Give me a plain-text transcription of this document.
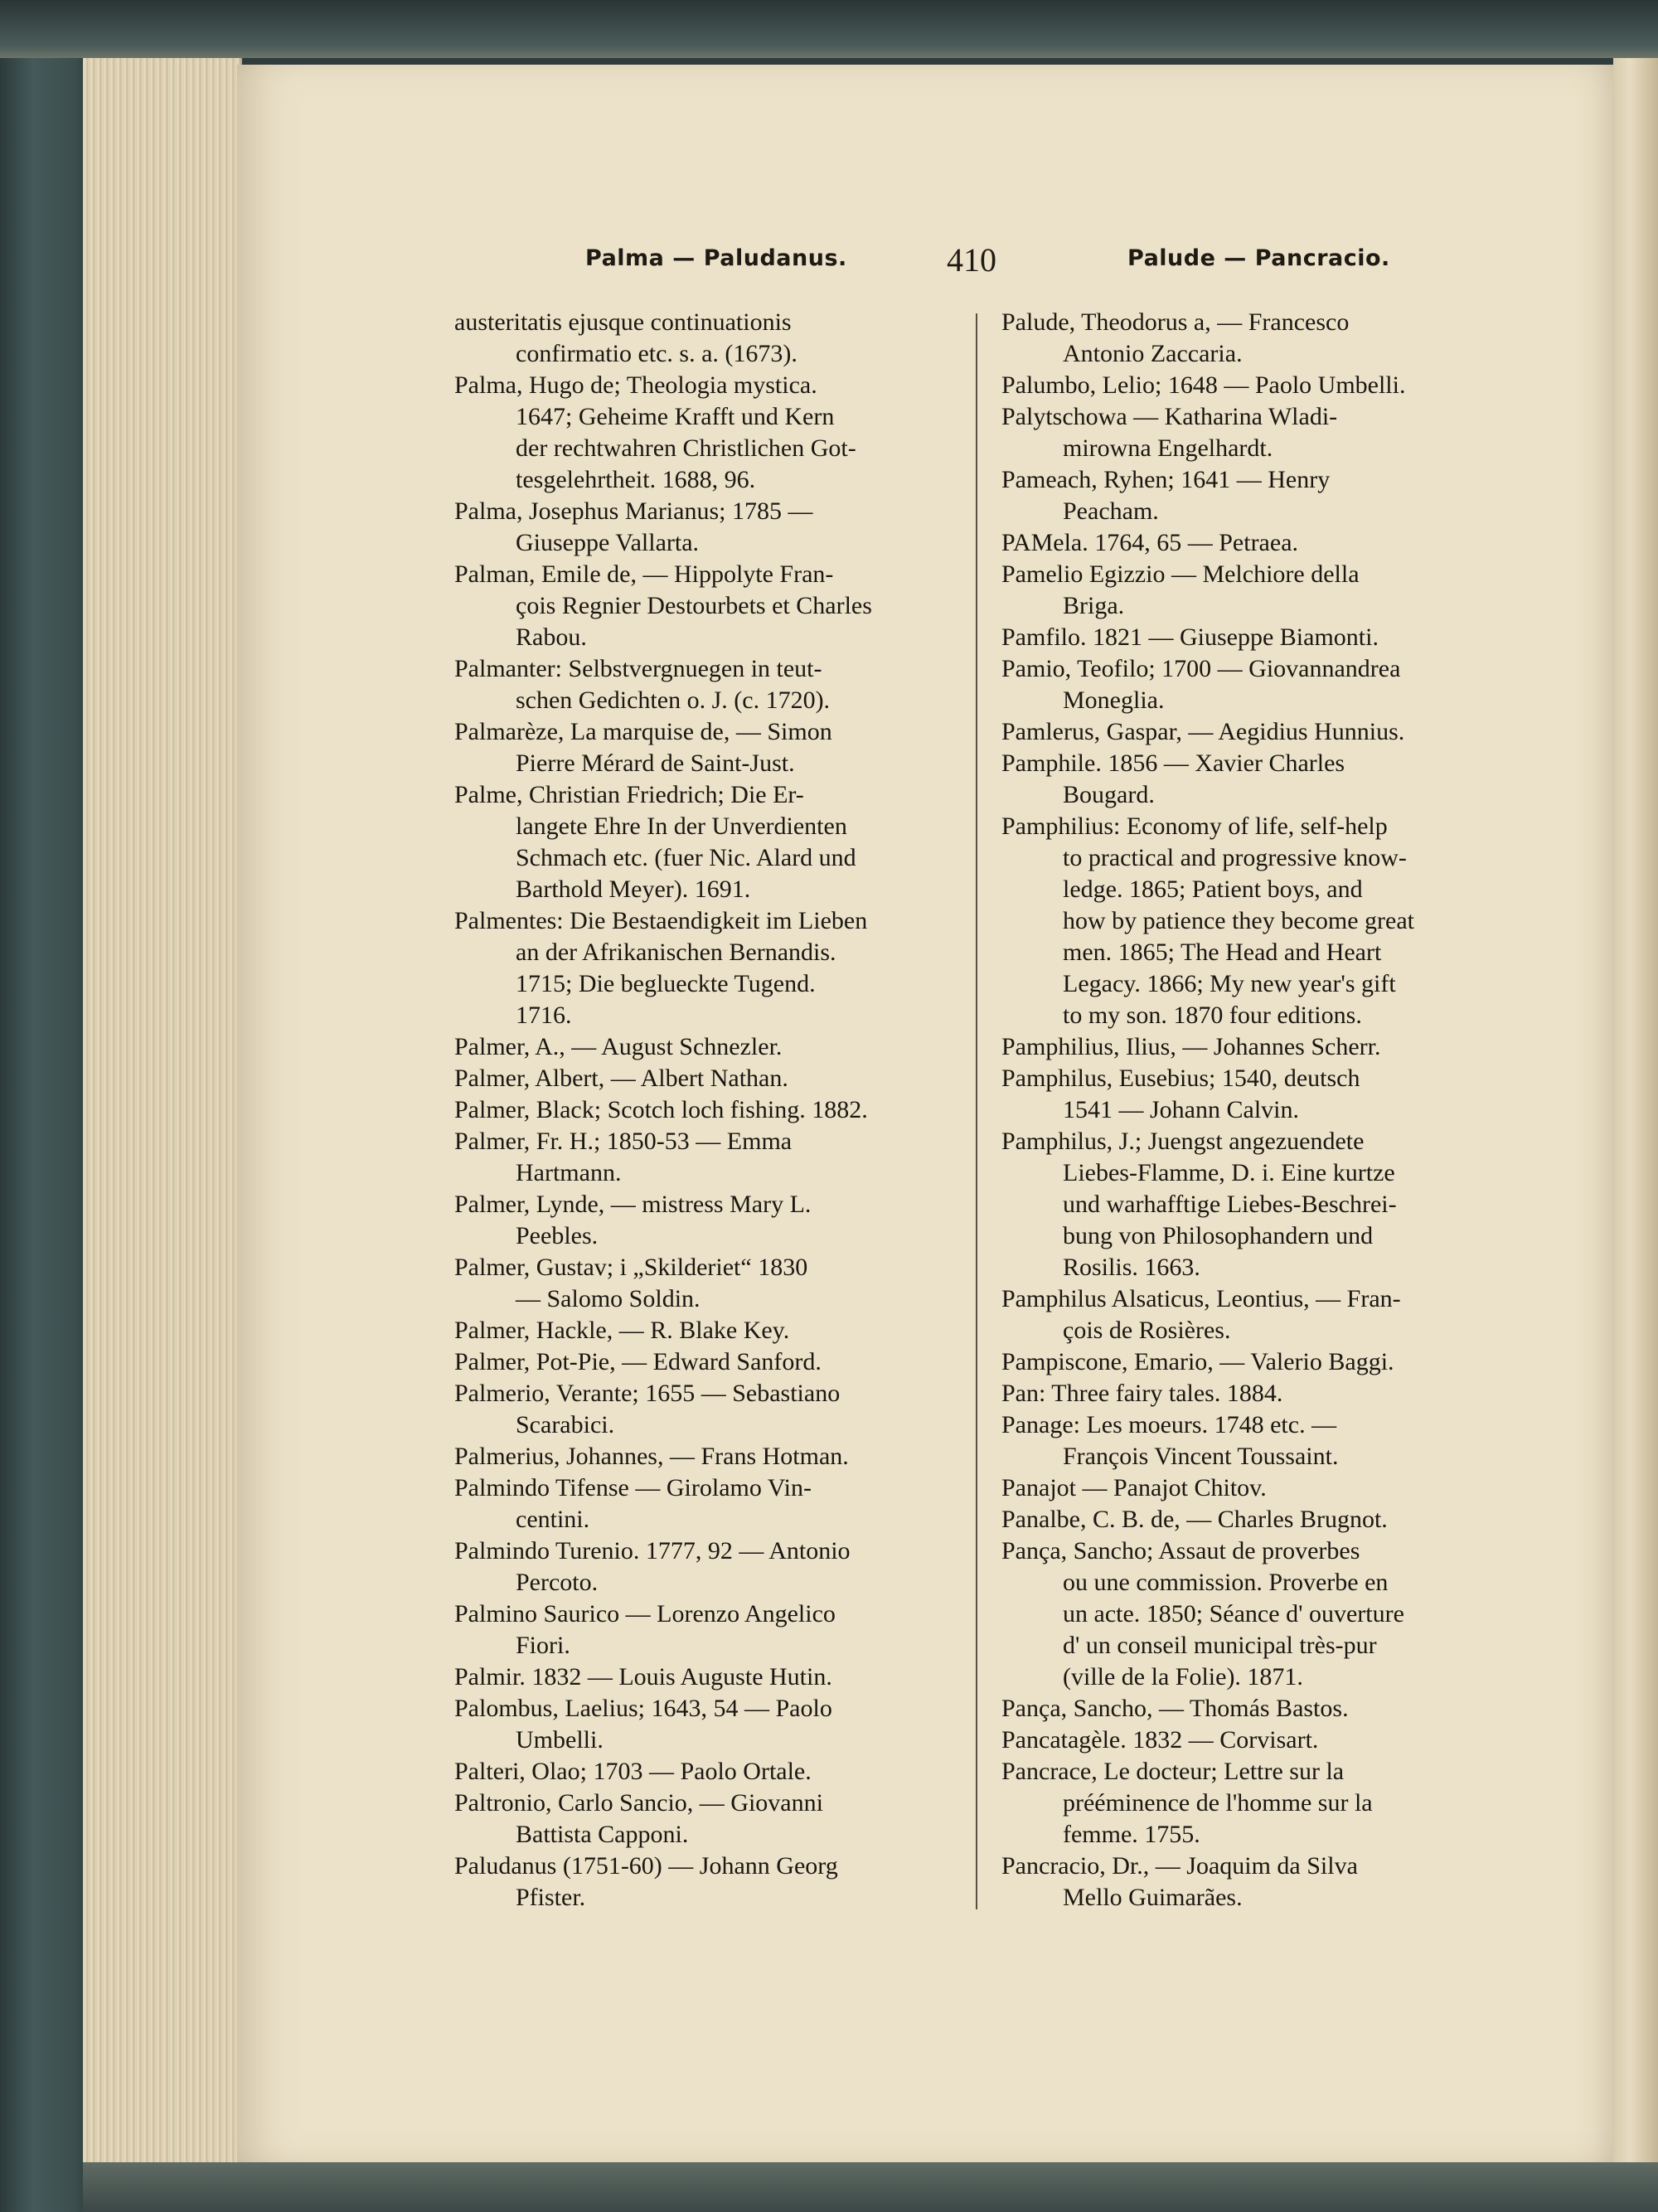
Palma — Paludanus.	410	Palude — Pancracio.
austeritatis ejusque continuationis
confirmatio etc. s. a. (1673).
Palma, Hugo de; Theologia mystica.
1647; Geheime Krafft und Kern
der rechtwahren Christlichen Got-
tesgelehrtheit. 1688, 96.
Palma, Josephus Marianus; 1785 —
Giuseppe Vallarta.
Palman, Emile de, — Hippolyte Fran-
çois Regnier Destourbets et Charles
Rabou.
Palmanter: Selbstvergnuegen in teut-
schen Gedichten o. J. (c. 1720).
Palmarèze, La marquise de, — Simon
Pierre Mérard de Saint-Just.
Palme, Christian Friedrich; Die Er-
langete Ehre In der Unverdienten
Schmach etc. (fuer Nic. Alard und
Barthold Meyer). 1691.
Palmentes: Die Bestaendigkeit im Lieben
an der Afrikanischen Bernandis.
1715; Die beglueckte Tugend.
1716.
Palmer, A., — August Schnezler.
Palmer, Albert, — Albert Nathan.
Palmer, Black; Scotch loch fishing. 1882.
Palmer, Fr. H.; 1850-53 — Emma
Hartmann.
Palmer, Lynde, — mistress Mary L.
Peebles.
Palmer, Gustav; i „Skilderiet“ 1830
— Salomo Soldin.
Palmer, Hackle, — R. Blake Key.
Palmer, Pot-Pie, — Edward Sanford.
Palmerio, Verante; 1655 — Sebastiano
Scarabici.
Palmerius, Johannes, — Frans Hotman.
Palmindo Tifense — Girolamo Vin-
centini.
Palmindo Turenio. 1777, 92 — Antonio
Percoto.
Palmino Saurico — Lorenzo Angelico
Fiori.
Palmir. 1832 — Louis Auguste Hutin.
Palombus, Laelius; 1643, 54 — Paolo
Umbelli.
Palteri, Olao; 1703 — Paolo Ortale.
Paltronio, Carlo Sancio, — Giovanni
Battista Capponi.
Paludanus (1751-60) — Johann Georg
Pfister.
Palude, Theodorus a, — Francesco
Antonio Zaccaria.
Palumbo, Lelio; 1648 — Paolo Umbelli.
Palytschowa — Katharina Wladi-
mirowna Engelhardt.
Pameach, Ryhen; 1641 — Henry
Peacham.
PAMela. 1764, 65 — Petraea.
Pamelio Egizzio — Melchiore della
Briga.
Pamfilo. 1821 — Giuseppe Biamonti.
Pamio, Teofilo; 1700 — Giovannandrea
Moneglia.
Pamlerus, Gaspar, — Aegidius Hunnius.
Pamphile. 1856 — Xavier Charles
Bougard.
Pamphilius: Economy of life, self-help
to practical and progressive know-
ledge. 1865; Patient boys, and
how by patience they become great
men. 1865; The Head and Heart
Legacy. 1866; My new year's gift
to my son. 1870 four editions.
Pamphilius, Ilius, — Johannes Scherr.
Pamphilus, Eusebius; 1540, deutsch
1541 — Johann Calvin.
Pamphilus, J.; Juengst angezuendete
Liebes-Flamme, D. i. Eine kurtze
und warhafftige Liebes-Beschrei-
bung von Philosophandern und
Rosilis. 1663.
Pamphilus Alsaticus, Leontius, — Fran-
çois de Rosières.
Pampiscone, Emario, — Valerio Baggi.
Pan: Three fairy tales. 1884.
Panage: Les moeurs. 1748 etc. —
François Vincent Toussaint.
Panajot — Panajot Chitov.
Panalbe, C. B. de, — Charles Brugnot.
Pança, Sancho; Assaut de proverbes
ou une commission. Proverbe en
un acte. 1850; Séance d' ouverture
d' un conseil municipal très-pur
(ville de la Folie). 1871.
Pança, Sancho, — Thomás Bastos.
Pancatagèle. 1832 — Corvisart.
Pancrace, Le docteur; Lettre sur la
prééminence de l'homme sur la
femme. 1755.
Pancracio, Dr., — Joaquim da Silva
Mello Guimarães.
